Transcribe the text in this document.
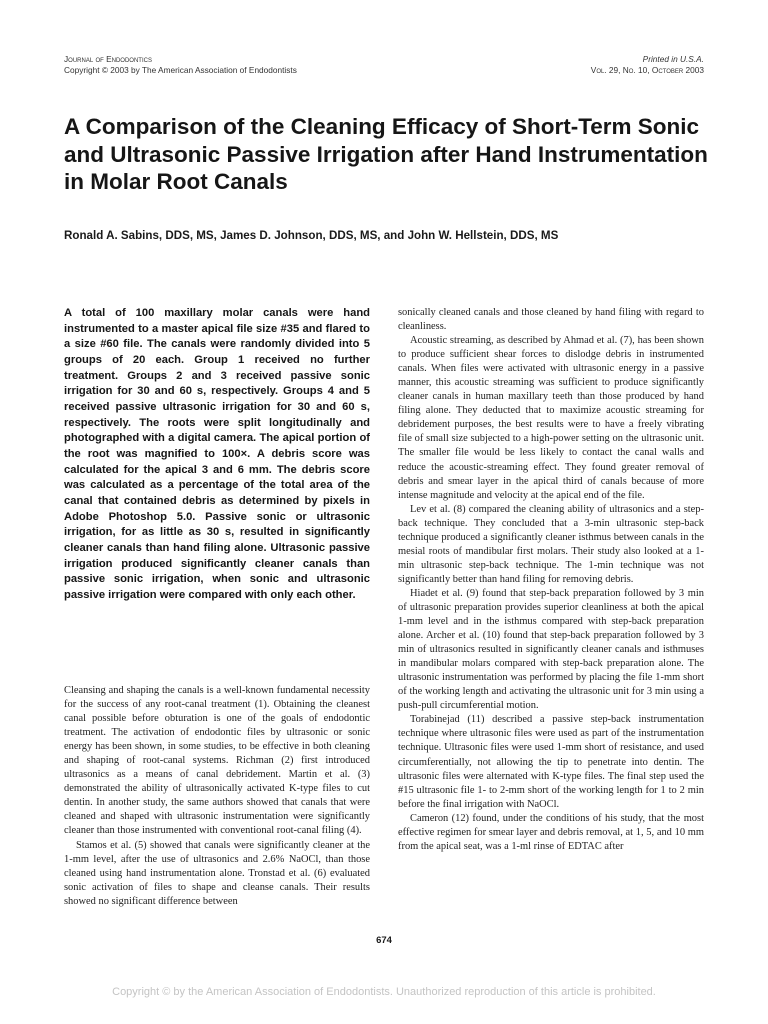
Journal of Endodontics
Copyright © 2003 by The American Association of Endodontists
Printed in U.S.A.
Vol. 29, No. 10, October 2003
A Comparison of the Cleaning Efficacy of Short-Term Sonic and Ultrasonic Passive Irrigation after Hand Instrumentation in Molar Root Canals
Ronald A. Sabins, DDS, MS, James D. Johnson, DDS, MS, and John W. Hellstein, DDS, MS

A total of 100 maxillary molar canals were hand instrumented to a master apical file size #35 and flared to a size #60 file. The canals were randomly divided into 5 groups of 20 each. Group 1 received no further treatment. Groups 2 and 3 received passive sonic irrigation for 30 and 60 s, respectively. Groups 4 and 5 received passive ultrasonic irrigation for 30 and 60 s, respectively. The roots were split longitudinally and photographed with a digital camera. The apical portion of the root was magnified to 100×. A debris score was calculated for the apical 3 and 6 mm. The debris score was calculated as a percentage of the total area of the canal that contained debris as determined by pixels in Adobe Photoshop 5.0. Passive sonic or ultrasonic irrigation, for as little as 30 s, resulted in significantly cleaner canals than hand filing alone. Ultrasonic passive irrigation produced significantly cleaner canals than passive sonic irrigation, when sonic and ultrasonic passive irrigation were compared with only each other.

Cleansing and shaping the canals is a well-known fundamental necessity for the success of any root-canal treatment (1). Obtaining the cleanest canal possible before obturation is one of the goals of endodontic treatment. The activation of endodontic files by ultrasonic or sonic energy has been shown, in some studies, to be effective in both cleaning and shaping of root-canal systems. Richman (2) first introduced ultrasonics as a means of canal debridement. Martin et al. (3) demonstrated the ability of ultrasonically activated K-type files to cut dentin. In another study, the same authors showed that canals that were cleaned and shaped with ultrasonic instrumentation were significantly cleaner than those instrumented with conventional root-canal filing (4).

Stamos et al. (5) showed that canals were significantly cleaner at the 1-mm level, after the use of ultrasonics and 2.6% NaOCl, than those cleaned using hand instrumentation alone. Tronstad et al. (6) evaluated sonic activation of files to shape and cleanse canals. Their results showed no significant difference between

sonically cleaned canals and those cleaned by hand filing with regard to cleanliness.

Acoustic streaming, as described by Ahmad et al. (7), has been shown to produce sufficient shear forces to dislodge debris in instrumented canals. When files were activated with ultrasonic energy in a passive manner, this acoustic streaming was sufficient to produce significantly cleaner canals in human maxillary teeth than those produced by hand filing alone. They deducted that to maximize acoustic streaming for debridement purposes, the best results were to have a freely vibrating file of small size subjected to a high-power setting on the ultrasonic unit. The smaller file would be less likely to contact the canal walls and reduce the acoustic-streaming effect. They found greater removal of debris and smear layer in the apical third of canals because of more intense magnitude and velocity at the apical end of the file.

Lev et al. (8) compared the cleaning ability of ultrasonics and a step-back technique. They concluded that a 3-min ultrasonic step-back technique produced a significantly cleaner isthmus between canals in the mesial roots of mandibular first molars. Their study also looked at a 1-min ultrasonic step-back technique. The 1-min technique was not significantly better than hand filing for removing debris.

Hiadet et al. (9) found that step-back preparation followed by 3 min of ultrasonic preparation provides superior cleanliness at both the apical 1-mm level and in the isthmus compared with step-back preparation alone. Archer et al. (10) found that step-back preparation followed by 3 min of ultrasonics resulted in significantly cleaner canals and isthmuses in mandibular molars compared with step-back preparation alone. The ultrasonic instrumentation was performed by placing the file 1-mm short of the working length and activating the ultrasonic unit for 3 min using a push-pull circumferential motion.

Torabinejad (11) described a passive step-back instrumentation technique where ultrasonic files were used as part of the instrumentation technique. Ultrasonic files were used 1-mm short of resistance, and used circumferentially, not allowing the tip to penetrate into dentin. The ultrasonic files were alternated with K-type files. The final step used the #15 ultrasonic file 1- to 2-mm short of the working length for 1 to 2 min before the final irrigation with NaOCl.

Cameron (12) found, under the conditions of his study, that the most effective regimen for smear layer and debris removal, at 1, 5, and 10 mm from the apical seat, was a 1-ml rinse of EDTAC after

674
Copyright © by the American Association of Endodontists. Unauthorized reproduction of this article is prohibited.
